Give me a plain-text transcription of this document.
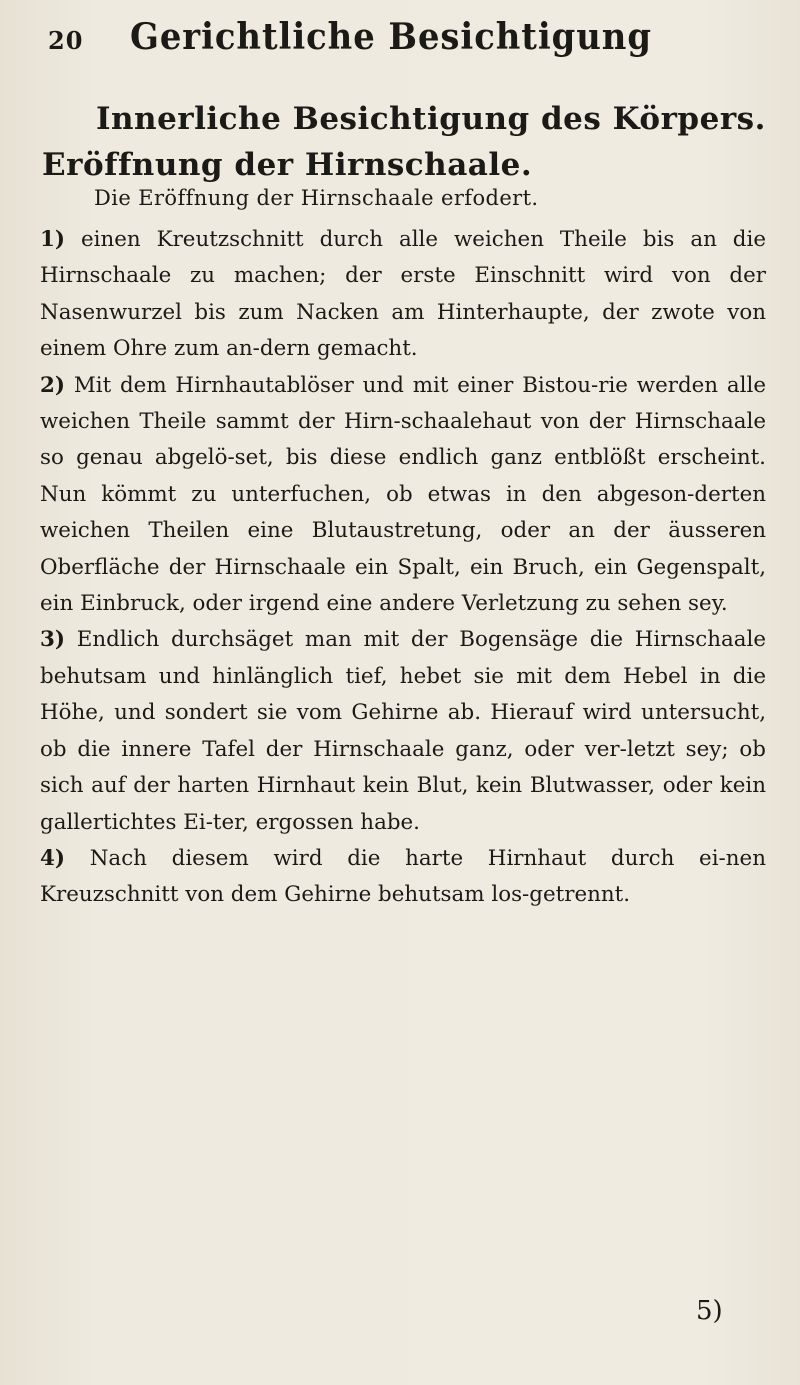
20 Gerichtliche Besichtigung
Innerliche Besichtigung des Körpers.
Eröffnung der Hirnschaale.
Die Eröffnung der Hirnschaale erfodert.

1) einen Kreutzschnitt durch alle weichen Theile bis an die Hirnschaale zu machen; der erste Einschnitt wird von der Nasenwurzel bis zum Nacken am Hinterhaupte, der zwote von einem Ohre zum an-dern gemacht.

2) Mit dem Hirnhautablöser und mit einer Bistou-rie werden alle weichen Theile sammt der Hirn-schaalehaut von der Hirnschaale so genau abgelö-set, bis diese endlich ganz entblößt erscheint. Nun kömmt zu unterfuchen, ob etwas in den abgeson-derten weichen Theilen eine Blutaustretung, oder an der äusseren Oberfläche der Hirnschaale ein Spalt, ein Bruch, ein Gegenspalt, ein Einbruck, oder irgend eine andere Verletzung zu sehen sey.

3) Endlich durchsäget man mit der Bogensäge die Hirnschaale behutsam und hinlänglich tief, hebet sie mit dem Hebel in die Höhe, und sondert sie vom Gehirne ab. Hierauf wird untersucht, ob die innere Tafel der Hirnschaale ganz, oder ver-letzt sey; ob sich auf der harten Hirnhaut kein Blut, kein Blutwasser, oder kein gallertichtes Ei-ter, ergossen habe.

4) Nach diesem wird die harte Hirnhaut durch ei-nen Kreuzschnitt von dem Gehirne behutsam los-getrennt.

5)
